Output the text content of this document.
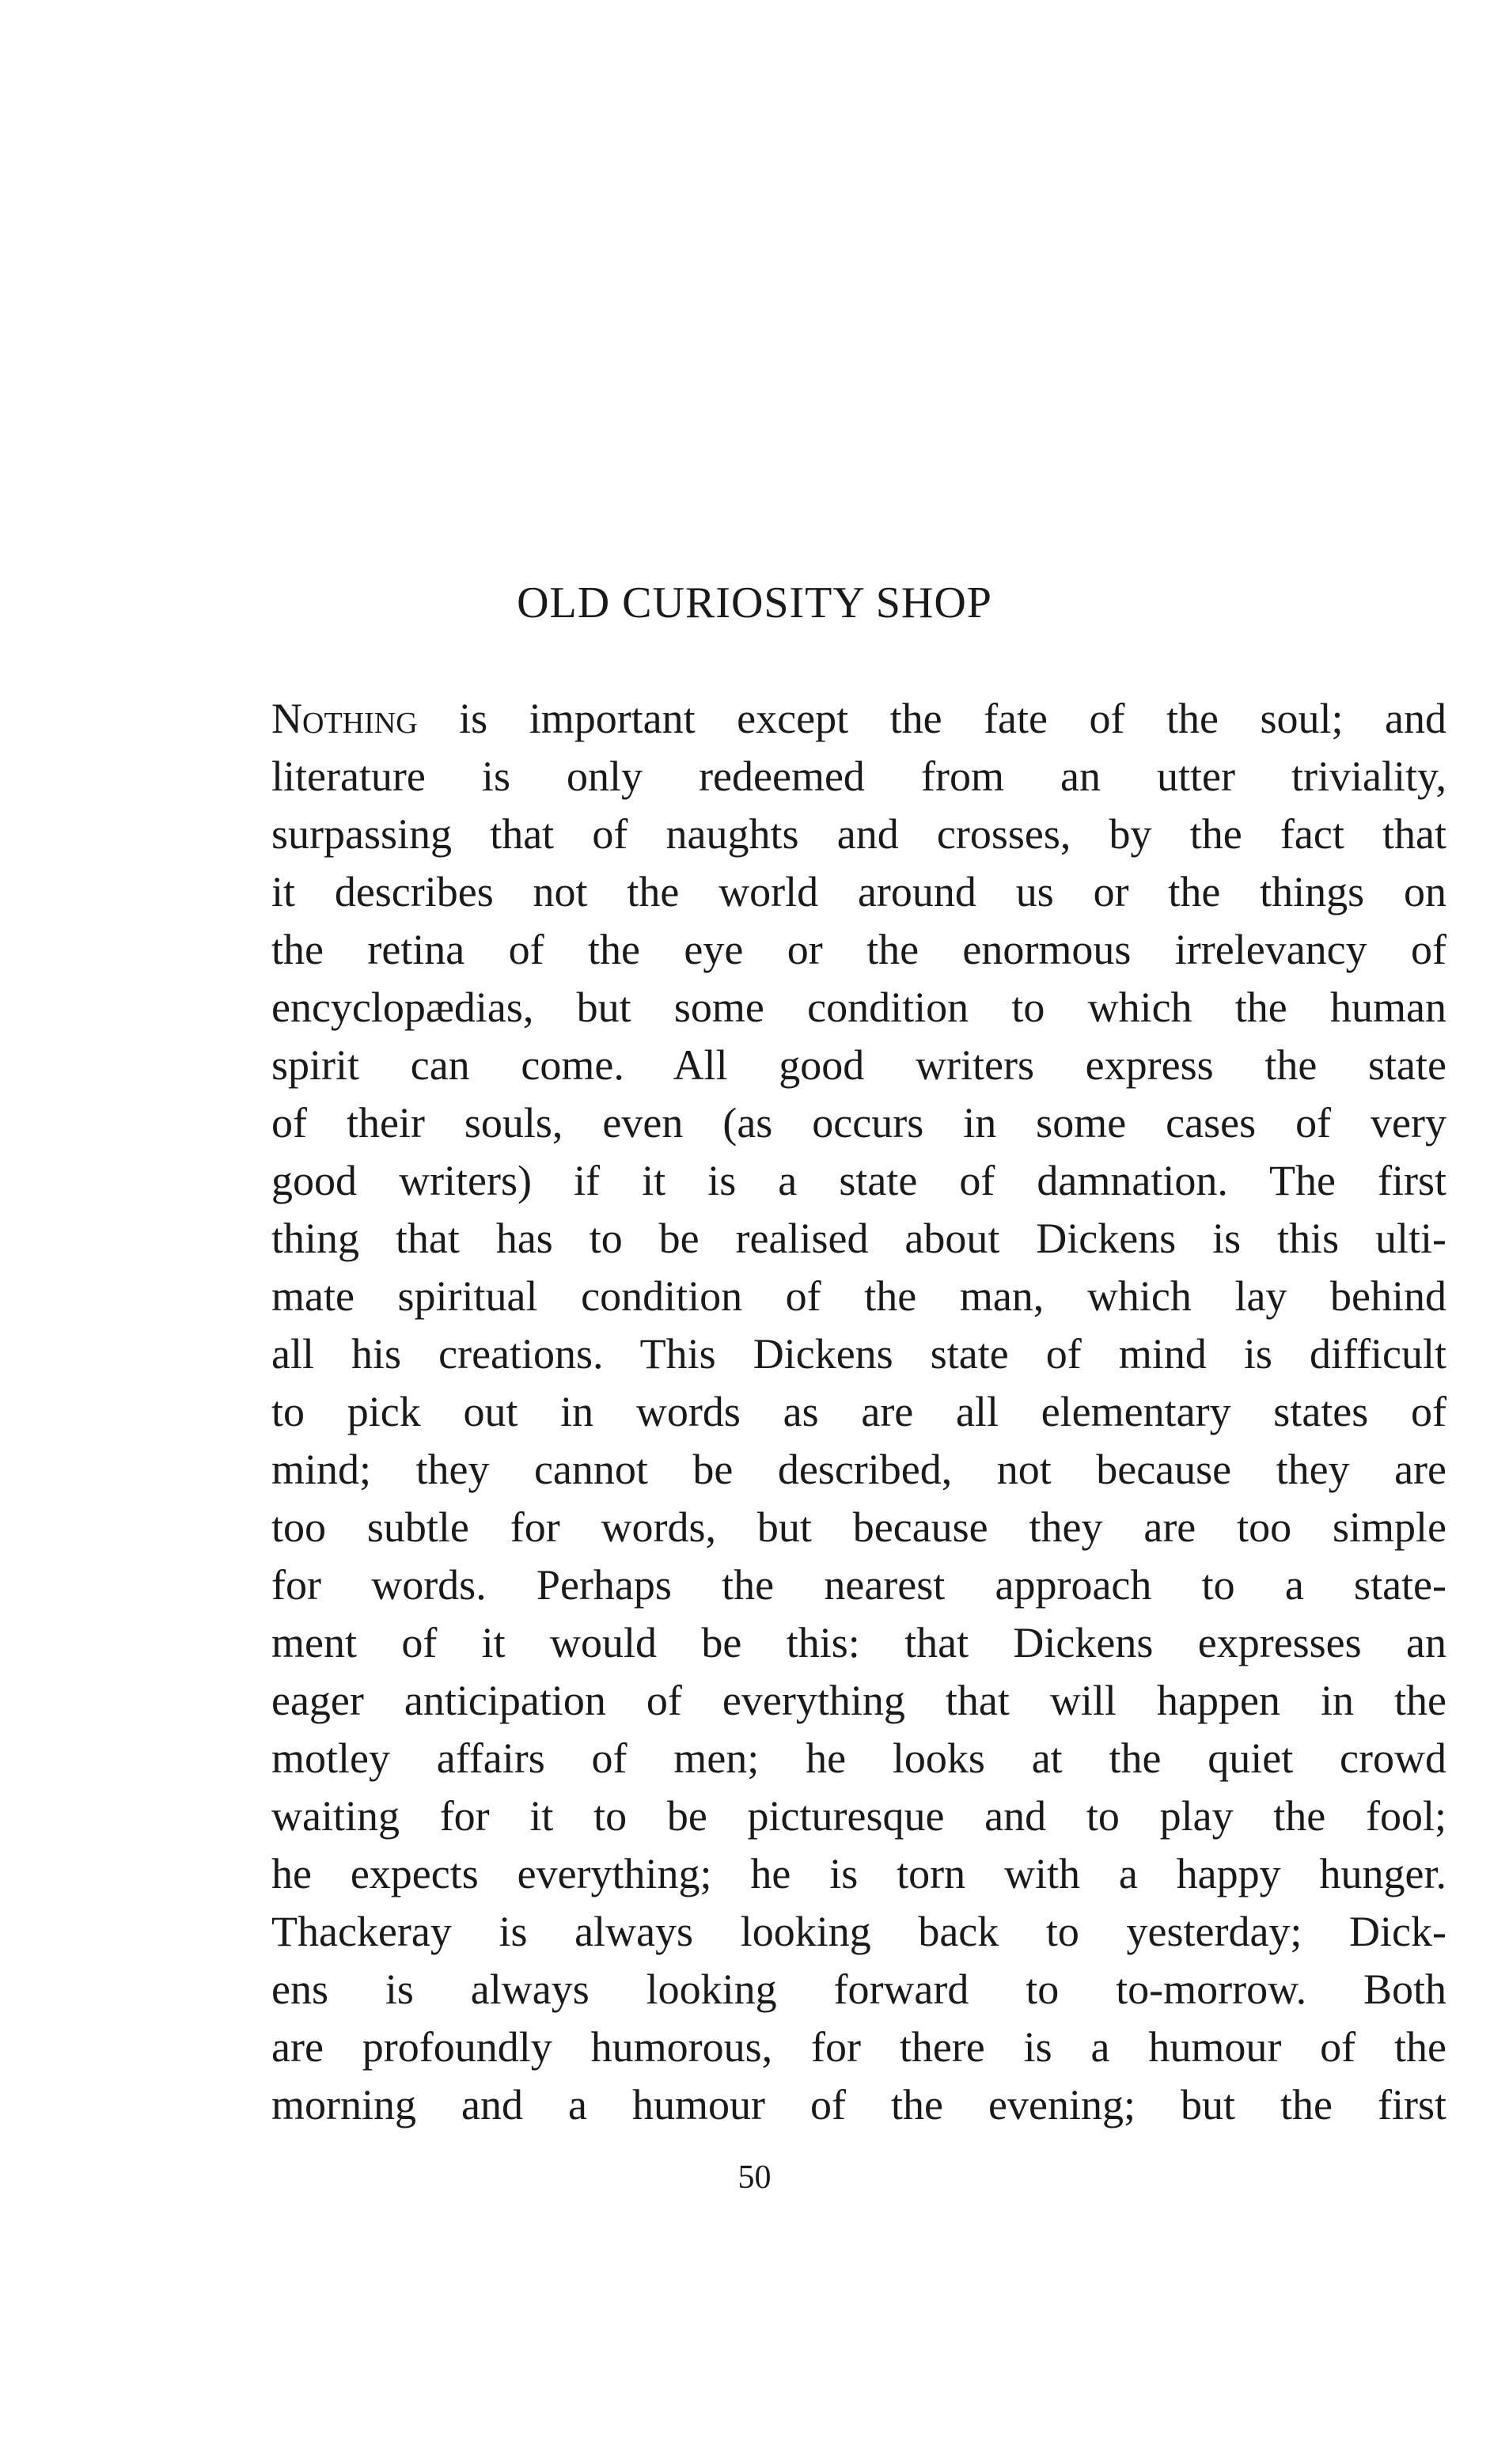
OLD CURIOSITY SHOP
Nothing is important except the fate of the soul; and
literature is only redeemed from an utter triviality,
surpassing that of naughts and crosses, by the fact that
it describes not the world around us or the things on
the retina of the eye or the enormous irrelevancy of
encyclopædias, but some condition to which the human
spirit can come. All good writers express the state
of their souls, even (as occurs in some cases of very
good writers) if it is a state of damnation. The first
thing that has to be realised about Dickens is this ulti-
mate spiritual condition of the man, which lay behind
all his creations. This Dickens state of mind is difficult
to pick out in words as are all elementary states of
mind; they cannot be described, not because they are
too subtle for words, but because they are too simple
for words. Perhaps the nearest approach to a state-
ment of it would be this: that Dickens expresses an
eager anticipation of everything that will happen in the
motley affairs of men; he looks at the quiet crowd
waiting for it to be picturesque and to play the fool;
he expects everything; he is torn with a happy hunger.
Thackeray is always looking back to yesterday; Dick-
ens is always looking forward to to-morrow. Both
are profoundly humorous, for there is a humour of the
morning and a humour of the evening; but the first
50
